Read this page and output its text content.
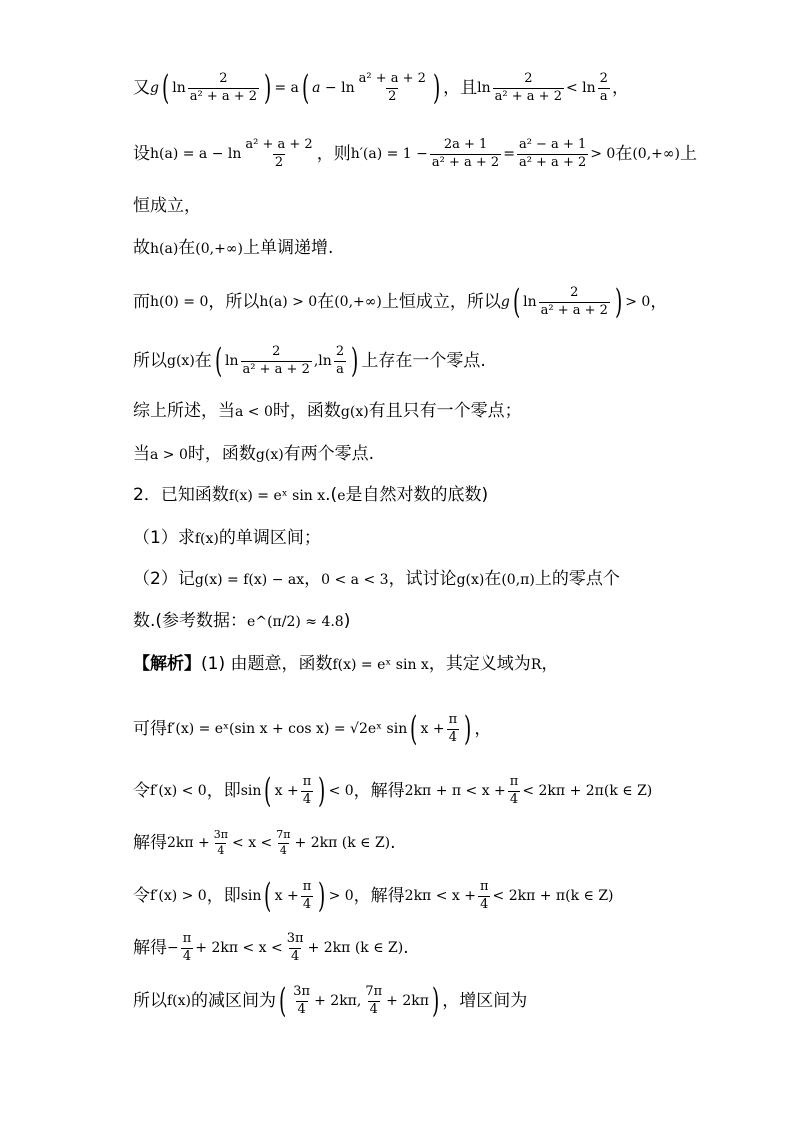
又 g ( $\ln \frac{2}{\text{a² + a + 2}}$ ) = a ( $a - \ln \frac{\text{a² + a + 2}}{2}$ ) ，且 $\ln \frac{2}{\text{a² + a + 2}} < \ln \frac{2}{a}$ ，
设 $h(a) = a - \ln \frac{\text{a² + a + 2}}{2}$ ，则 $h'(a) = 1 - \frac{2a + 1}{\text{a² + a + 2}} = \frac{\text{a² − a + 1}}{\text{a² + a + 2}} > 0$ 在 (0,+∞) 上
恒成立，
故 h(a) 在 (0,+∞) 上单调递增.
而 h(0) = 0 ，所以 h(a) > 0 在 (0,+∞) 上恒成立，所以 g ( $\ln \frac{2}{\text{a² + a + 2}}$ ) > 0 ，
所以 g(x) 在 ( $\ln \frac{2}{\text{a² + a + 2}} ,\ln \frac{2}{a}$ ) 上存在一个零点.
综上所述，当 a < 0 时，函数 g(x) 有且只有一个零点；
当 a > 0 时，函数 g(x) 有两个零点.
2．已知函数 f(x) = eˣ sin x .( e 是自然对数的底数)
（1）求 f(x) 的单调区间；
（2）记 g(x) = f(x) − ax ， 0 < a < 3 ，试讨论 g(x) 在 (0,π) 上的零点个
数.(参考数据： e^(π/2) ≈ 4.8 )
【解析】 (1) 由题意，函数 f(x) = eˣ sin x ，其定义域为 R ，
可得 f′(x) = eˣ(sin x + cos x) = √2eˣ sin ( $x + \frac{\pi}{4}$ ) ，
令 f′(x) < 0 ，即 sin ( $x + \frac{\pi}{4}$ ) < 0 ，解得 $2k\pi + \pi < x + \frac{\pi}{4} < 2k\pi + 2\pi(k$ ∈ Z)
解得 $2k\pi + \frac{3\pi}{4} < x < \frac{7\pi}{4} + 2k\pi$ (k ∈ Z) .
令 f′(x) > 0 ，即 sin ( $x + \frac{\pi}{4}$ ) > 0 ，解得 $2k\pi < x + \frac{\pi}{4} < 2k\pi + \pi(k$ ∈ Z)
解得 − $\frac{\pi}{4} + 2k\pi < x < \frac{3\pi}{4} + 2k\pi$ (k ∈ Z) .
所以 f(x) 的减区间为 ( $\frac{3\pi}{4} + 2k\pi$, $\frac{7\pi}{4} + 2k\pi$ ) ，增区间为
